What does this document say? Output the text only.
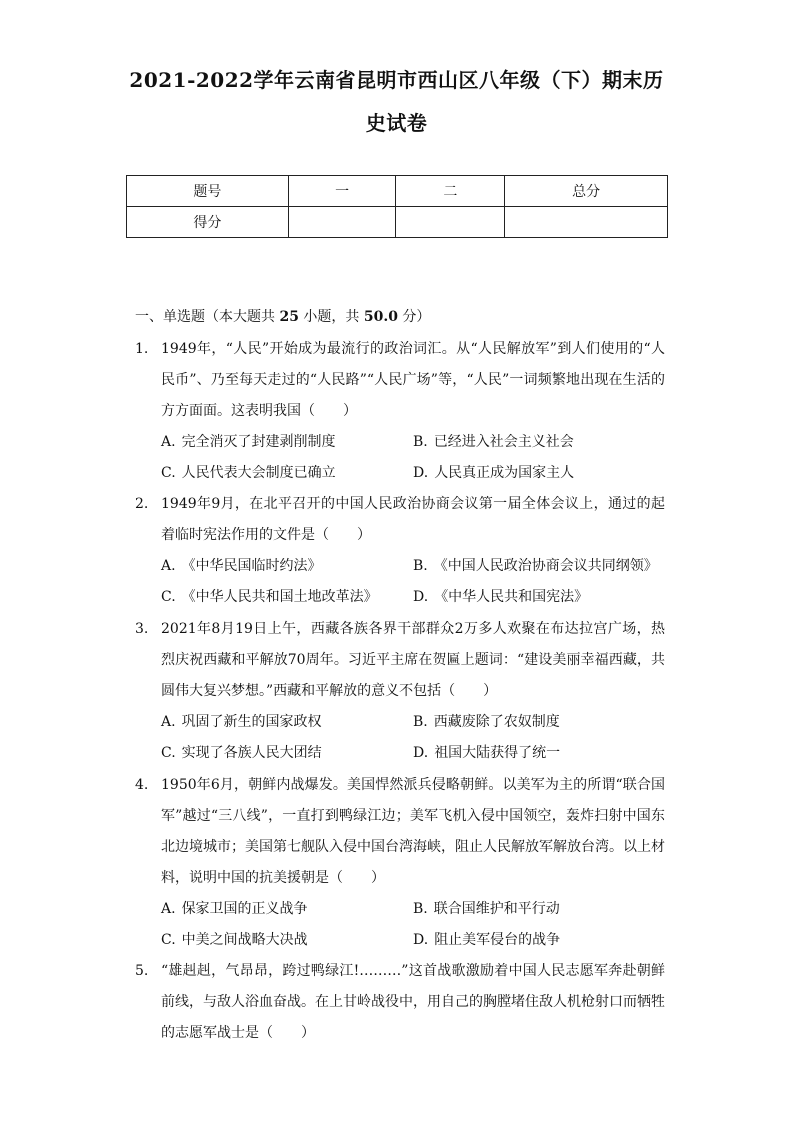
2021-2022学年云南省昆明市西山区八年级（下）期末历
史试卷
题号	一	二	总分
得分			
一、单选题（本大题共 25 小题，共 50.0 分）
1. 1949年，“人民”开始成为最流行的政治词汇。从“人民解放军”到人们使用的“人民币”、乃至每天走过的“人民路”“人民广场”等，“人民”一词频繁地出现在生活的方方面面。这表明我国（　　）
A. 完全消灭了封建剥削制度	B. 已经进入社会主义社会
C. 人民代表大会制度已确立	D. 人民真正成为国家主人
2. 1949年9月，在北平召开的中国人民政治协商会议第一届全体会议上，通过的起着临时宪法作用的文件是（　　）
A. 《中华民国临时约法》	B. 《中国人民政治协商会议共同纲领》
C. 《中华人民共和国土地改革法》	D. 《中华人民共和国宪法》
3. 2021年8月19日上午，西藏各族各界干部群众2万多人欢聚在布达拉宫广场，热烈庆祝西藏和平解放70周年。习近平主席在贺匾上题词：“建设美丽幸福西藏，共圆伟大复兴梦想。”西藏和平解放的意义不包括（　　）
A. 巩固了新生的国家政权	B. 西藏废除了农奴制度
C. 实现了各族人民大团结	D. 祖国大陆获得了统一
4. 1950年6月，朝鲜内战爆发。美国悍然派兵侵略朝鲜。以美军为主的所谓“联合国军”越过“三八线”，一直打到鸭绿江边；美军飞机入侵中国领空，轰炸扫射中国东北边境城市；美国第七舰队入侵中国台湾海峡，阻止人民解放军解放台湾。以上材料，说明中国的抗美援朝是（　　）
A. 保家卫国的正义战争	B. 联合国维护和平行动
C. 中美之间战略大决战	D. 阻止美军侵台的战争
5. “雄赳赳，气昂昂，跨过鸭绿江!………”这首战歌激励着中国人民志愿军奔赴朝鲜前线，与敌人浴血奋战。在上甘岭战役中，用自己的胸膛堵住敌人机枪射口而牺牲的志愿军战士是（　　）
